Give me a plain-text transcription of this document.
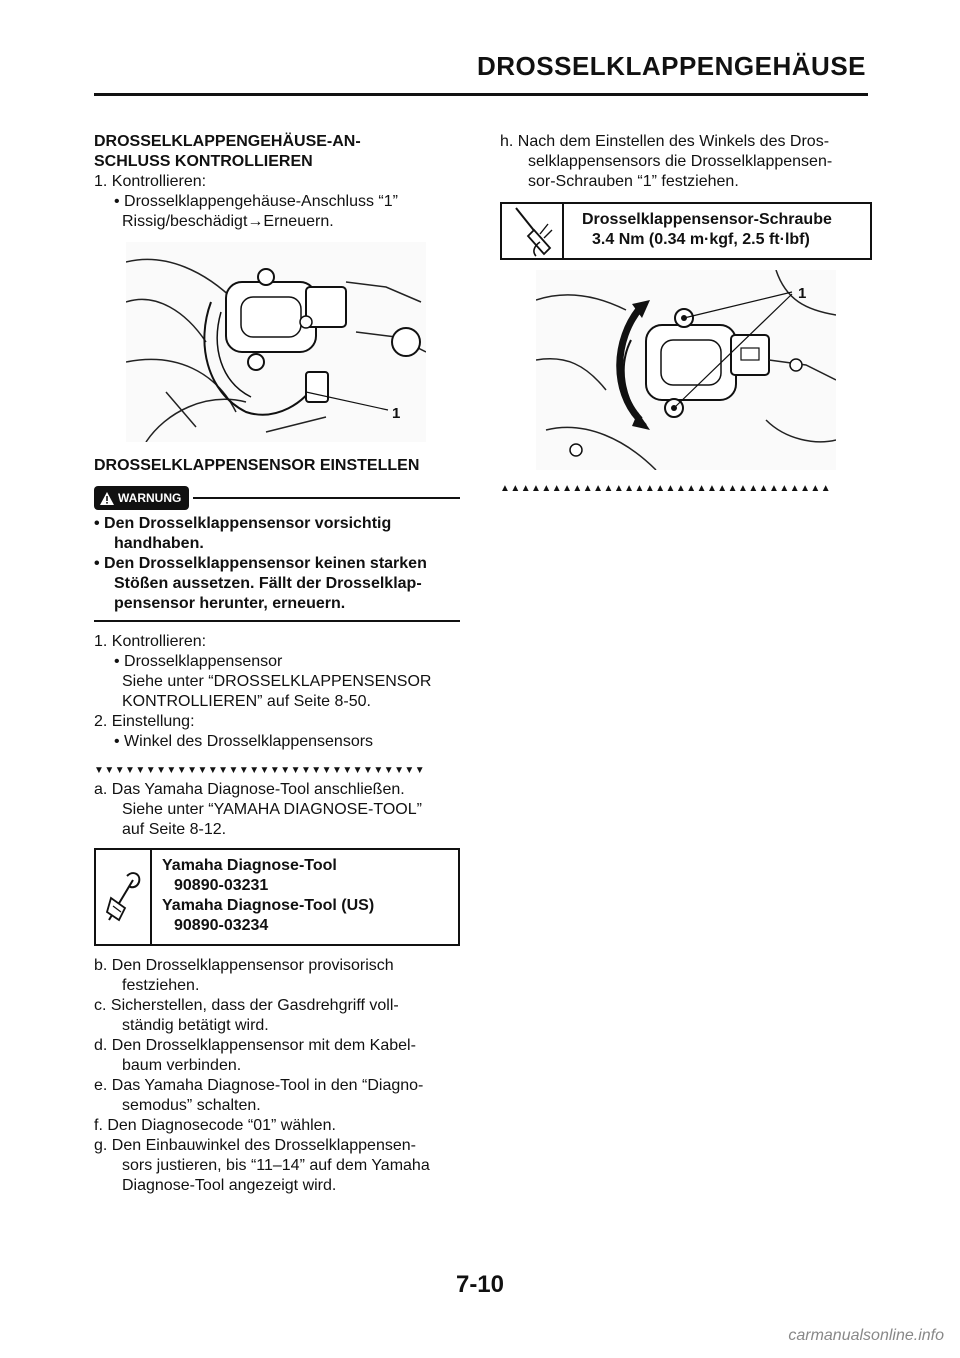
DROSSELKLAPPENGEHÄUSE

DROSSELKLAPPENGEHÄUSE-AN-

SCHLUSS KONTROLLIEREN

1. Kontrollieren:

• Drosselklappengehäuse-Anschluss “1”

Rissig/beschädigt→Erneuern.

1

DROSSELKLAPPENSENSOR EINSTELLEN

WARNUNG

• Den Drosselklappensensor vorsichtig

handhaben.

• Den Drosselklappensensor keinen starken

Stößen aussetzen. Fällt der Drosselklap-

pensensor herunter, erneuern.

1. Kontrollieren:

• Drosselklappensensor

Siehe unter “DROSSELKLAPPENSENSOR

KONTROLLIEREN” auf Seite 8-50.

2. Einstellung:

• Winkel des Drosselklappensensors

▼▼▼▼▼▼▼▼▼▼▼▼▼▼▼▼▼▼▼▼▼▼▼▼▼▼▼▼▼▼▼▼

a. Das Yamaha Diagnose-Tool anschließen.

Siehe unter “YAMAHA DIAGNOSE-TOOL”

auf Seite 8-12.

Yamaha Diagnose-Tool

90890-03231

Yamaha Diagnose-Tool (US)

90890-03234

b. Den Drosselklappensensor provisorisch

festziehen.

c. Sicherstellen, dass der Gasdrehgriff voll-

ständig betätigt wird.

d. Den Drosselklappensensor mit dem Kabel-

baum verbinden.

e. Das Yamaha Diagnose-Tool in den “Diagno-

semodus” schalten.

f. Den Diagnosecode “01” wählen.

g. Den Einbauwinkel des Drosselklappensen-

sors justieren, bis “11–14” auf dem Yamaha

Diagnose-Tool angezeigt wird.

h. Nach dem Einstellen des Winkels des Dros-

selklappensensors die Drosselklappensen-

sor-Schrauben “1” festziehen.

Drosselklappensensor-Schraube

3.4 Nm (0.34 m·kgf, 2.5 ft·lbf)

1
▲▲▲▲▲▲▲▲▲▲▲▲▲▲▲▲▲▲▲▲▲▲▲▲▲▲▲▲▲▲▲▲
7-10
carmanualsonline.info
